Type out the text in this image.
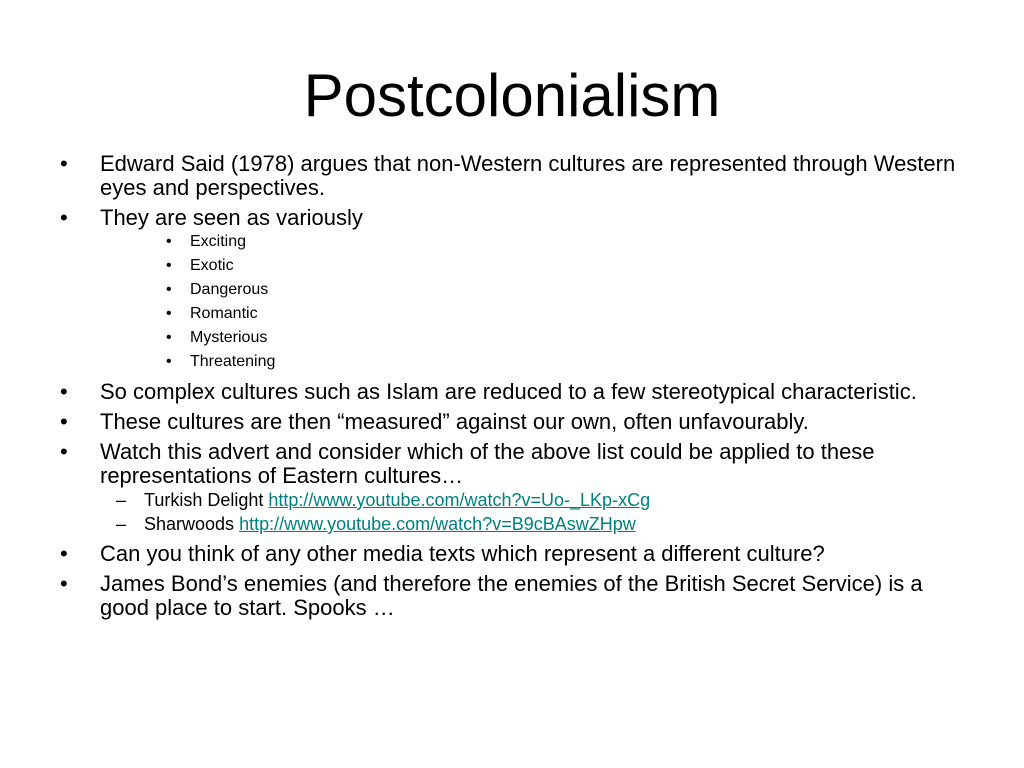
Postcolonialism
• Edward Said (1978) argues that non-Western cultures are represented through Western eyes and perspectives.
• They are seen as variously
• Exciting
• Exotic
• Dangerous
• Romantic
• Mysterious
• Threatening
• So complex cultures such as Islam are reduced to a few stereotypical characteristic.
• These cultures are then “measured” against our own, often unfavourably.
• Watch this advert and consider which of the above list could be applied to these representations of Eastern cultures…
– Turkish Delight http://www.youtube.com/watch?v=Uo-_LKp-xCg
– Sharwoods http://www.youtube.com/watch?v=B9cBAswZHpw
• Can you think of any other media texts which represent a different culture?
• James Bond’s enemies (and therefore the enemies of the British Secret Service) is a good place to start. Spooks …
